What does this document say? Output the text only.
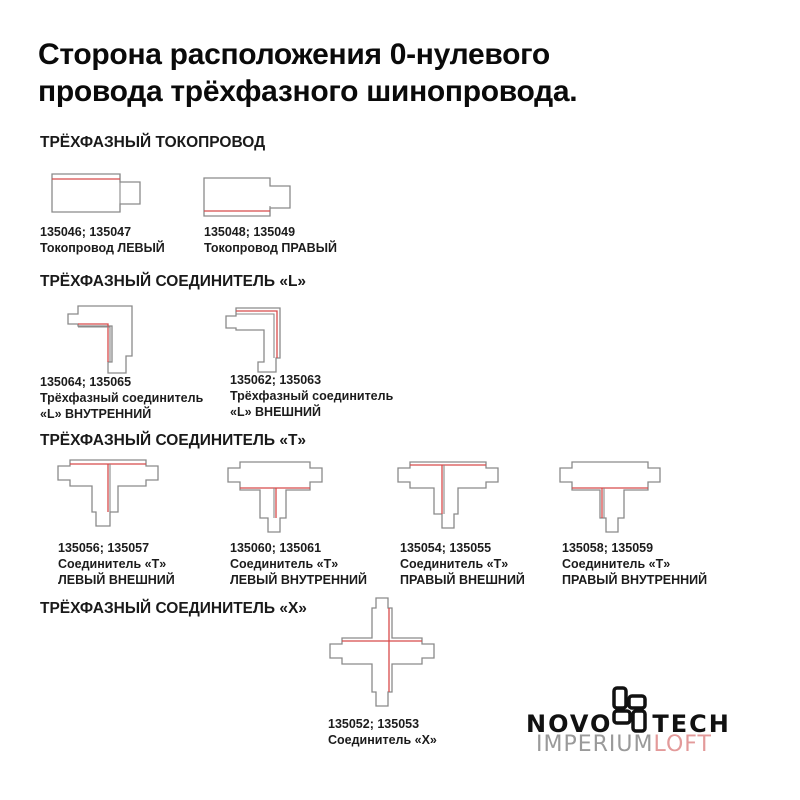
Сторона расположения 0-нулевого
провода трёхфазного шинопровода.
ТРЁХФАЗНЫЙ ТОКОПРОВОД
135046; 135047
Токопровод ЛЕВЫЙ
135048; 135049
Токопровод ПРАВЫЙ
ТРЁХФАЗНЫЙ СОЕДИНИТЕЛЬ «L»
135064; 135065
Трёхфазный соединитель
«L» ВНУТРЕННИЙ
135062; 135063
Трёхфазный соединитель
«L» ВНЕШНИЙ
ТРЁХФАЗНЫЙ СОЕДИНИТЕЛЬ «T»
135056; 135057
Соединитель «T»
ЛЕВЫЙ ВНЕШНИЙ
135060; 135061
Соединитель «T»
ЛЕВЫЙ ВНУТРЕННИЙ
135054; 135055
Соединитель «T»
ПРАВЫЙ ВНЕШНИЙ
135058; 135059
Соединитель «T»
ПРАВЫЙ ВНУТРЕННИЙ
ТРЁХФАЗНЫЙ СОЕДИНИТЕЛЬ «X»
135052; 135053
Соединитель «X»
NOVO TECH
IMPERIUMLOFT
